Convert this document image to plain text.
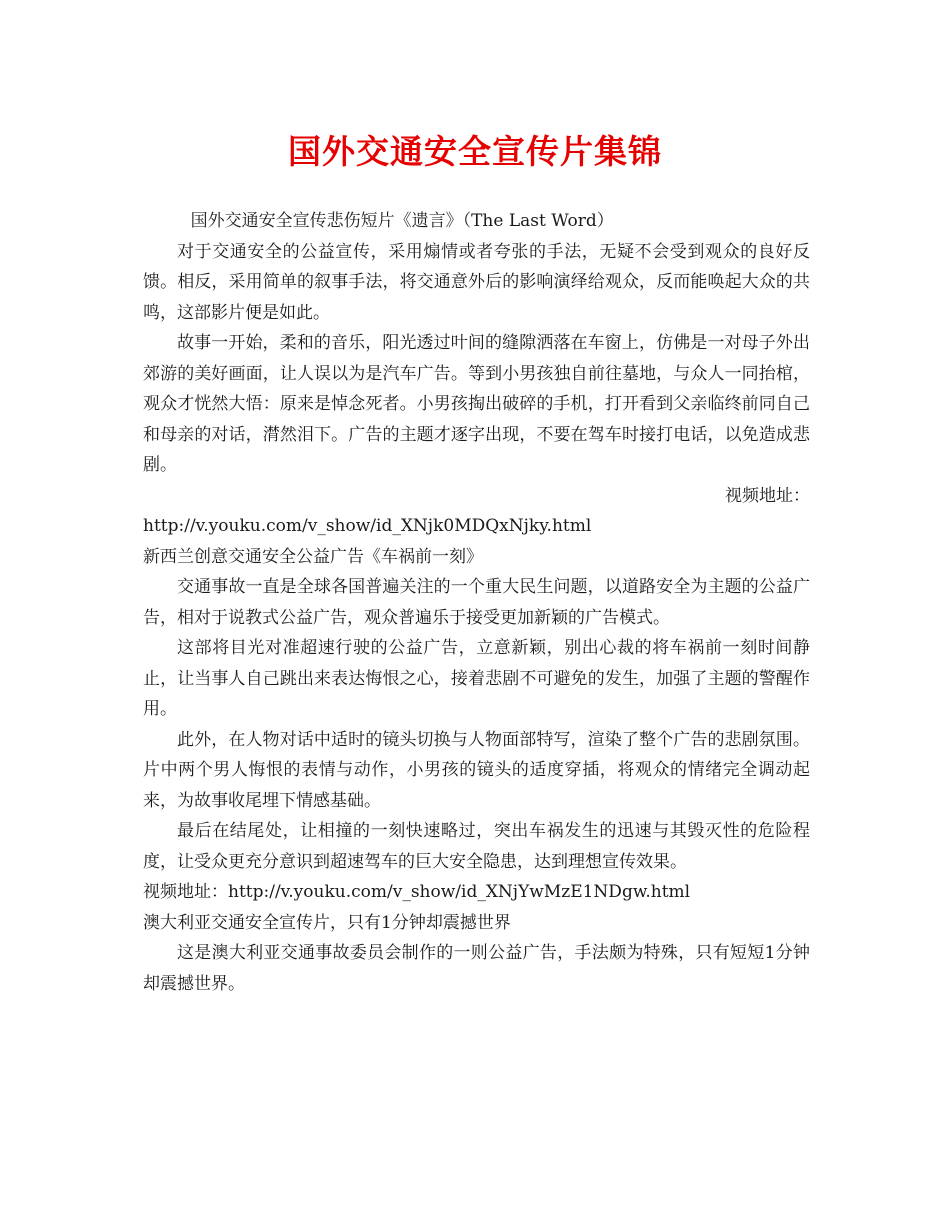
国外交通安全宣传片集锦

国外交通安全宣传悲伤短片《遗言》（The Last Word）

对于交通安全的公益宣传，采用煽情或者夸张的手法，无疑不会受到观众的良好反馈。相反，采用简单的叙事手法，将交通意外后的影响演绎给观众，反而能唤起大众的共鸣，这部影片便是如此。

故事一开始，柔和的音乐，阳光透过叶间的缝隙洒落在车窗上，仿佛是一对母子外出郊游的美好画面，让人误以为是汽车广告。等到小男孩独自前往墓地，与众人一同抬棺，观众才恍然大悟：原来是悼念死者。小男孩掏出破碎的手机，打开看到父亲临终前同自己和母亲的对话，潸然泪下。广告的主题才逐字出现，不要在驾车时接打电话，以免造成悲剧。

视频地址：

http://v.youku.com/v_show/id_XNjk0MDQxNjky.html

新西兰创意交通安全公益广告《车祸前一刻》

交通事故一直是全球各国普遍关注的一个重大民生问题，以道路安全为主题的公益广告，相对于说教式公益广告，观众普遍乐于接受更加新颖的广告模式。

这部将目光对准超速行驶的公益广告，立意新颖，别出心裁的将车祸前一刻时间静止，让当事人自己跳出来表达悔恨之心，接着悲剧不可避免的发生，加强了主题的警醒作用。

此外，在人物对话中适时的镜头切换与人物面部特写，渲染了整个广告的悲剧氛围。片中两个男人悔恨的表情与动作，小男孩的镜头的适度穿插，将观众的情绪完全调动起来，为故事收尾埋下情感基础。

最后在结尾处，让相撞的一刻快速略过，突出车祸发生的迅速与其毁灭性的危险程度，让受众更充分意识到超速驾车的巨大安全隐患，达到理想宣传效果。

视频地址：http://v.youku.com/v_show/id_XNjYwMzE1NDgw.html

澳大利亚交通安全宣传片，只有1分钟却震撼世界

这是澳大利亚交通事故委员会制作的一则公益广告，手法颇为特殊，只有短短1分钟却震撼世界。
